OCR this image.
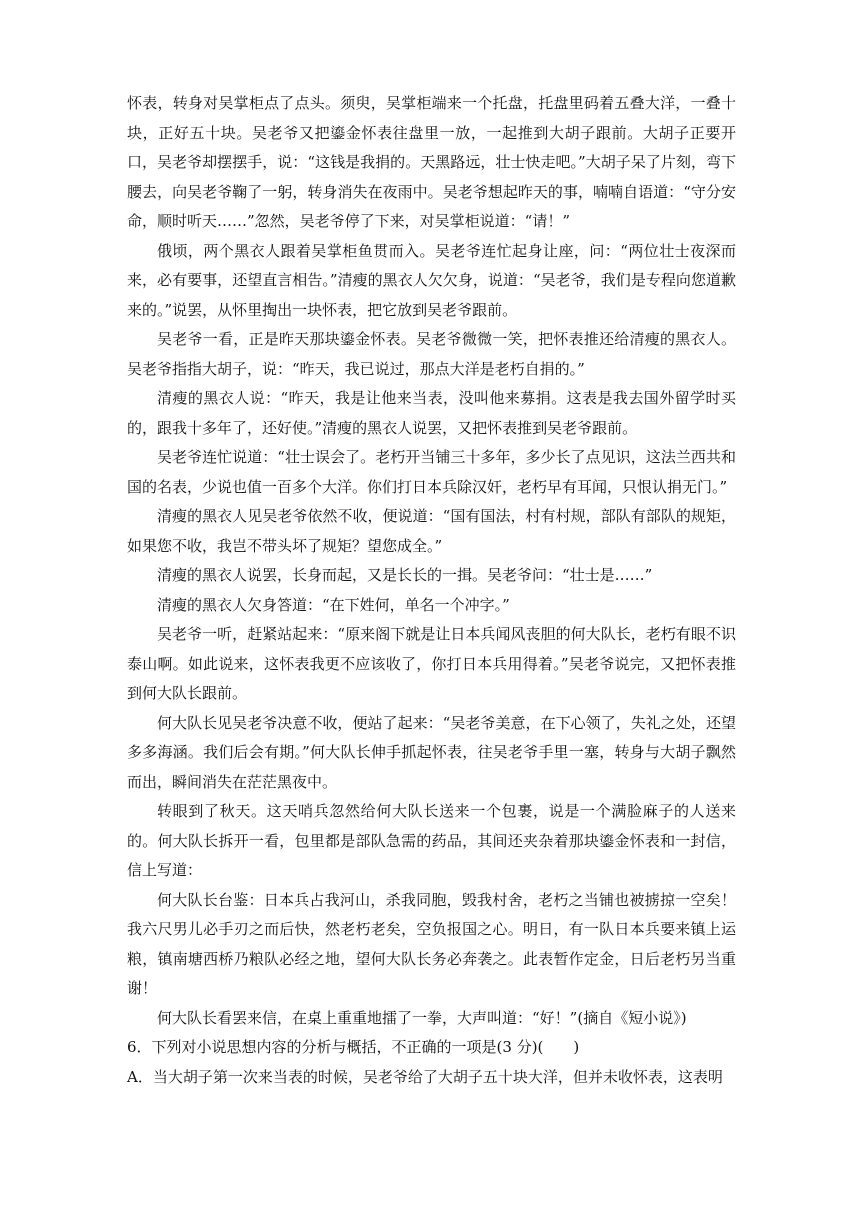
怀表，转身对吴掌柜点了点头。须臾，吴掌柜端来一个托盘，托盘里码着五叠大洋，一叠十块，正好五十块。吴老爷又把鎏金怀表往盘里一放，一起推到大胡子跟前。大胡子正要开口，吴老爷却摆摆手，说：“这钱是我捐的。天黑路远，壮士快走吧。”大胡子呆了片刻，弯下腰去，向吴老爷鞠了一躬，转身消失在夜雨中。吴老爷想起昨天的事，喃喃自语道：“守分安命，顺时听天……”忽然，吴老爷停了下来，对吴掌柜说道：“请！”

俄顷，两个黑衣人跟着吴掌柜鱼贯而入。吴老爷连忙起身让座，问：“两位壮士夜深而来，必有要事，还望直言相告。”清瘦的黑衣人欠欠身，说道：“吴老爷，我们是专程向您道歉来的。”说罢，从怀里掏出一块怀表，把它放到吴老爷跟前。

吴老爷一看，正是昨天那块鎏金怀表。吴老爷微微一笑，把怀表推还给清瘦的黑衣人。吴老爷指指大胡子，说：“昨天，我已说过，那点大洋是老朽自捐的。”

清瘦的黑衣人说：“昨天，我是让他来当表，没叫他来募捐。这表是我去国外留学时买的，跟我十多年了，还好使。”清瘦的黑衣人说罢，又把怀表推到吴老爷跟前。

吴老爷连忙说道：“壮士误会了。老朽开当铺三十多年，多少长了点见识，这法兰西共和国的名表，少说也值一百多个大洋。你们打日本兵除汉奸，老朽早有耳闻，只恨认捐无门。”

清瘦的黑衣人见吴老爷依然不收，便说道：“国有国法，村有村规，部队有部队的规矩，如果您不收，我岂不带头坏了规矩？望您成全。”

清瘦的黑衣人说罢，长身而起，又是长长的一揖。吴老爷问：“壮士是……”

清瘦的黑衣人欠身答道：“在下姓何，单名一个冲字。”

吴老爷一听，赶紧站起来：“原来阁下就是让日本兵闻风丧胆的何大队长，老朽有眼不识泰山啊。如此说来，这怀表我更不应该收了，你打日本兵用得着。”吴老爷说完，又把怀表推到何大队长跟前。

何大队长见吴老爷决意不收，便站了起来：“吴老爷美意，在下心领了，失礼之处，还望多多海涵。我们后会有期。”何大队长伸手抓起怀表，往吴老爷手里一塞，转身与大胡子飘然而出，瞬间消失在茫茫黑夜中。

转眼到了秋天。这天哨兵忽然给何大队长送来一个包裹，说是一个满脸麻子的人送来的。何大队长拆开一看，包里都是部队急需的药品，其间还夹杂着那块鎏金怀表和一封信，信上写道：

何大队长台鉴：日本兵占我河山，杀我同胞，毁我村舍，老朽之当铺也被掳掠一空矣！我六尺男儿必手刃之而后快，然老朽老矣，空负报国之心。明日，有一队日本兵要来镇上运粮，镇南塘西桥乃粮队必经之地，望何大队长务必奔袭之。此表暂作定金，日后老朽另当重谢！

何大队长看罢来信，在桌上重重地擂了一拳，大声叫道：“好！”(摘自《短小说》)

6．下列对小说思想内容的分析与概括，不正确的一项是(3 分)(　　)

A．当大胡子第一次来当表的时候，吴老爷给了大胡子五十块大洋，但并未收怀表，这表明
